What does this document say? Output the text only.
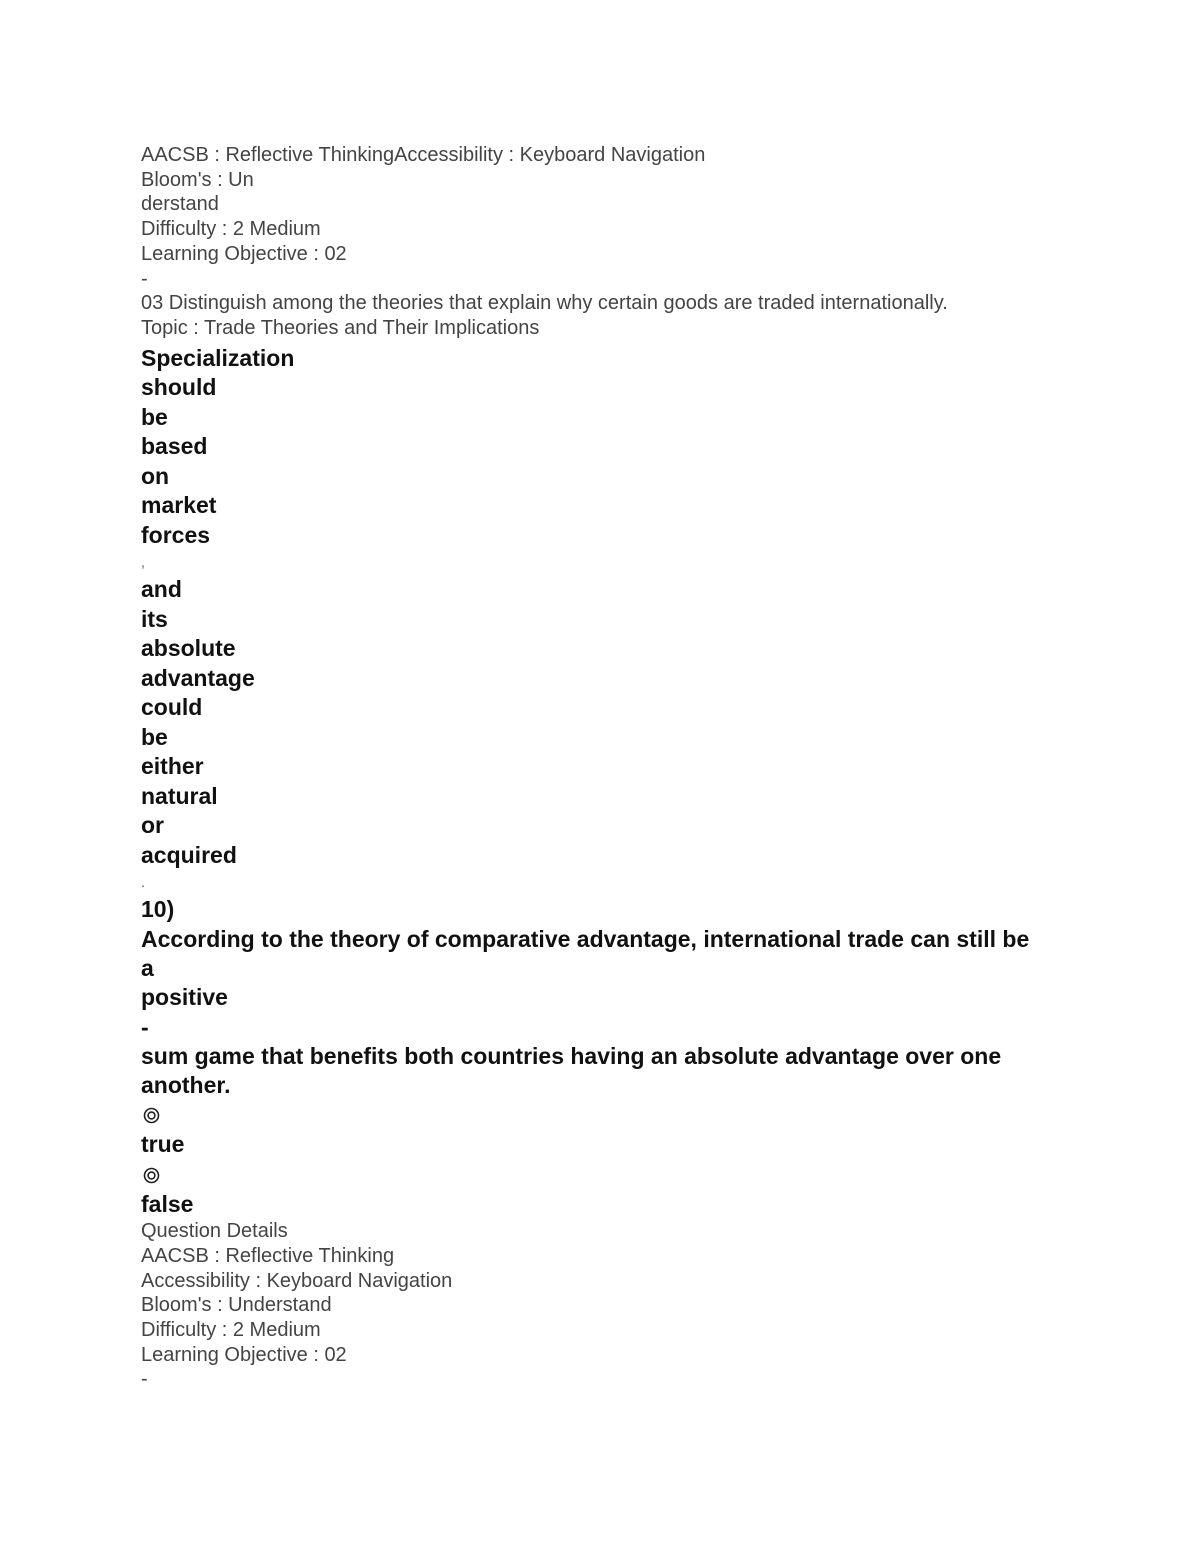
AACSB : Reflective ThinkingAccessibility : Keyboard Navigation
Bloom's : Un
derstand
Difficulty : 2 Medium
Learning Objective : 02
-
03 Distinguish among the theories that explain why certain goods are traded internationally.
Topic : Trade Theories and Their Implications
Specialization
should
be
based
on
market
forces
,
and
its
absolute
advantage
could
be
either
natural
or
acquired
.
10)
According to the theory of comparative advantage, international trade can still be
a
positive
-
sum game that benefits both countries having an absolute advantage over one another.
true
false
Question Details
AACSB : Reflective Thinking
Accessibility : Keyboard Navigation
Bloom's : Understand
Difficulty : 2 Medium
Learning Objective : 02
-
